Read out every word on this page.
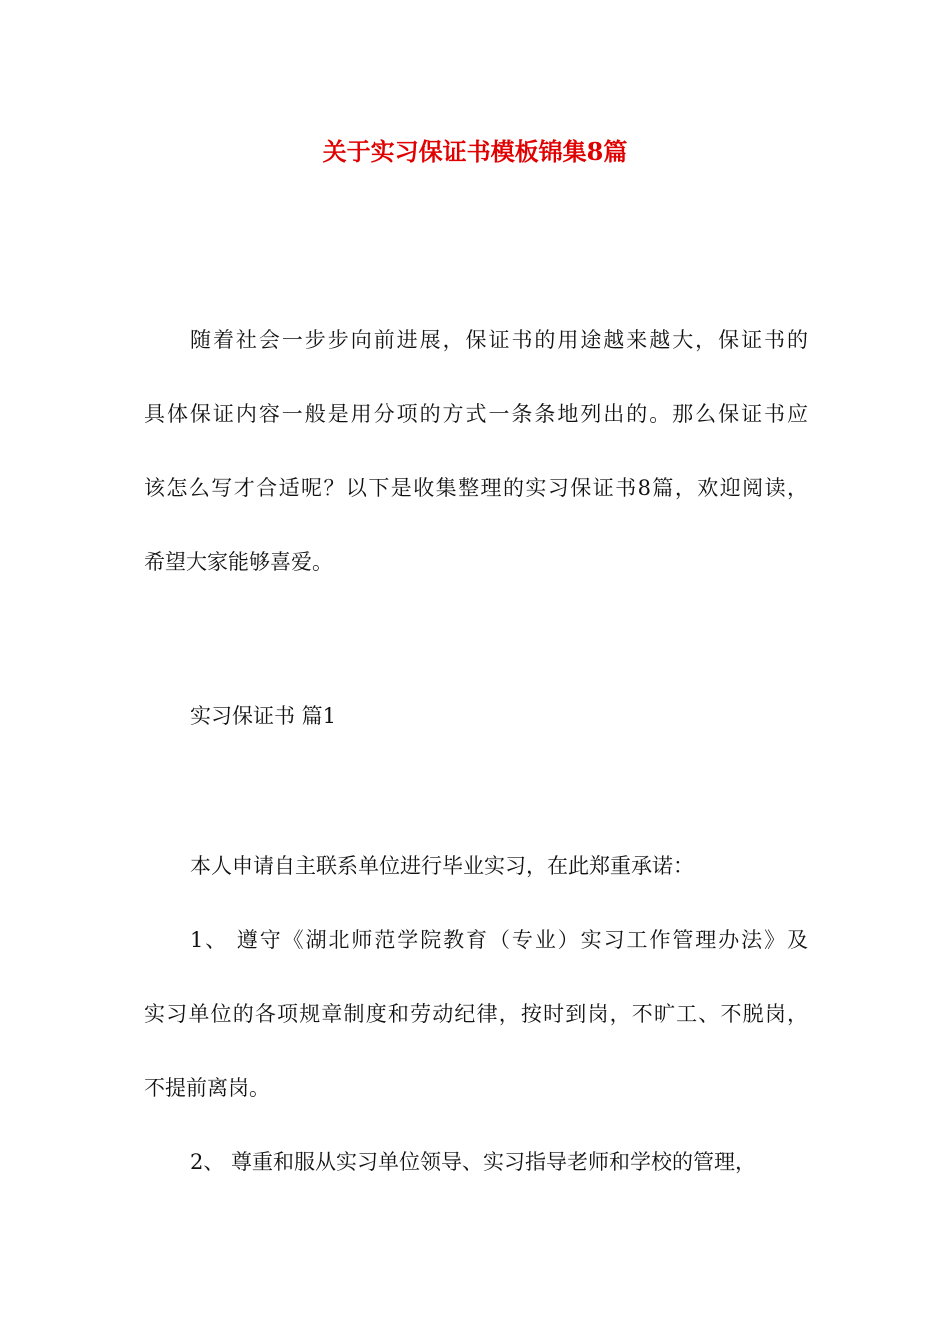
关于实习保证书模板锦集8篇
随着社会一步步向前进展，保证书的用途越来越大，保证书的
具体保证内容一般是用分项的方式一条条地列出的。那么保证书应
该怎么写才合适呢？以下是收集整理的实习保证书8篇，欢迎阅读，
希望大家能够喜爱。
实习保证书 篇1
本人申请自主联系单位进行毕业实习，在此郑重承诺：
1、 遵守《湖北师范学院教育（专业）实习工作管理办法》及
实习单位的各项规章制度和劳动纪律，按时到岗，不旷工、不脱岗，
不提前离岗。
2、 尊重和服从实习单位领导、实习指导老师和学校的管理，
